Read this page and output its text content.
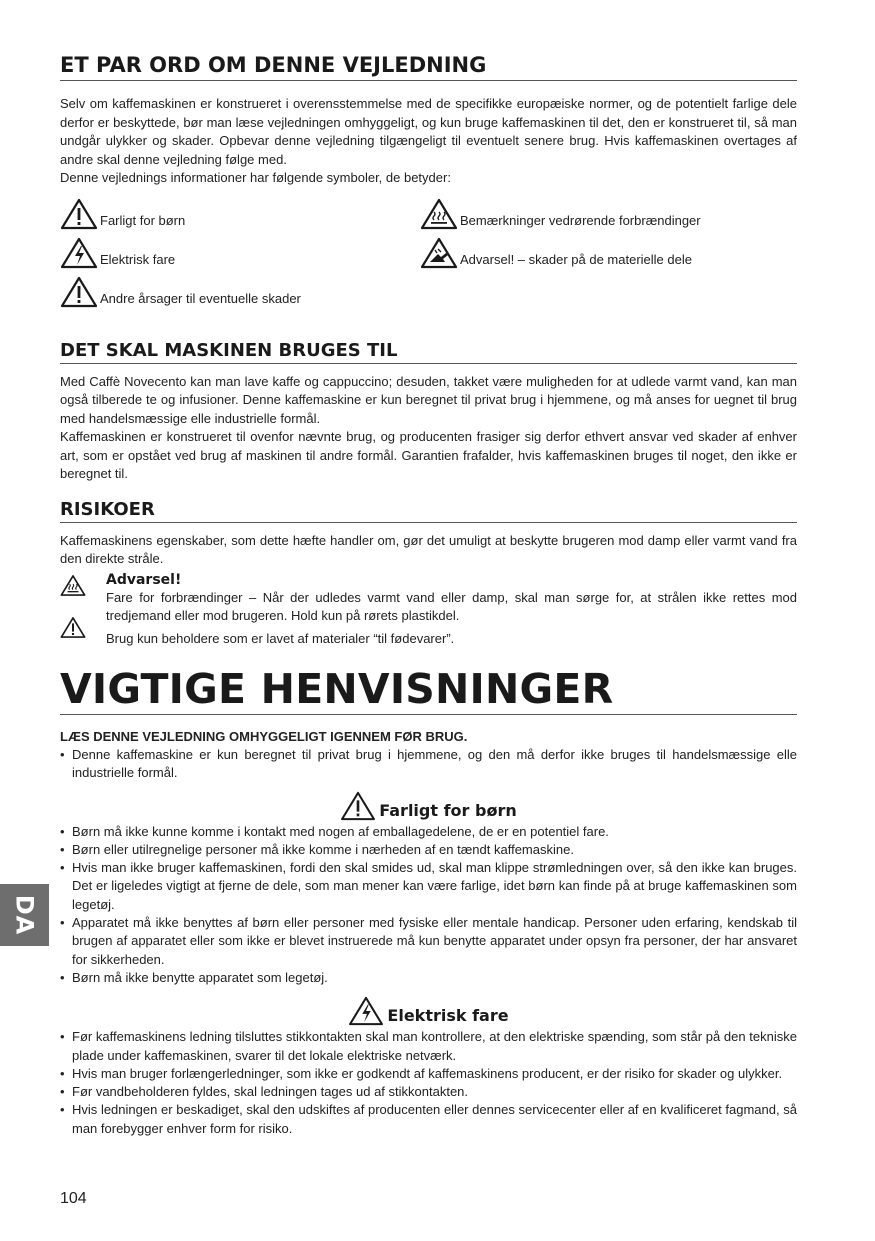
ET PAR ORD OM DENNE VEJLEDNING

Selv om kaffemaskinen er konstrueret i overensstemmelse med de specifikke europæiske normer, og de potentielt farlige dele derfor er beskyttede, bør man læse vejledningen omhyggeligt, og kun bruge kaffemaskinen til det, den er konstrueret til, så man undgår ulykker og skader. Opbevar denne vejledning tilgængeligt til eventuelt senere brug. Hvis kaffemaskinen overtages af andre skal denne vejledning følge med.

Denne vejlednings informationer har følgende symboler, de betyder:

Farligt for børn
Elektrisk fare
Andre årsager til eventuelle skader
Bemærkninger vedrørende forbrændinger
Advarsel! – skader på de materielle dele
DET SKAL MASKINEN BRUGES TIL

Med Caffè Novecento kan man lave kaffe og cappuccino; desuden, takket være muligheden for at udlede varmt vand, kan man også tilberede te og infusioner. Denne kaffemaskine er kun beregnet til privat brug i hjemmene, og må anses for uegnet til brug med handelsmæssige elle industrielle formål.

Kaffemaskinen er konstrueret til ovenfor nævnte brug, og producenten frasiger sig derfor ethvert ansvar ved skader af enhver art, som er opstået ved brug af maskinen til andre formål. Garantien frafalder, hvis kaffemaskinen bruges til noget, den ikke er beregnet til.

RISIKOER

Kaffemaskinens egenskaber, som dette hæfte handler om, gør det umuligt at beskytte brugeren mod damp eller varmt vand fra den direkte stråle.

Advarsel!

Fare for forbrændinger – Når der udledes varmt vand eller damp, skal man sørge for, at strålen ikke rettes mod tredjemand eller mod brugeren. Hold kun på rørets plastikdel.

Brug kun beholdere som er lavet af materialer “til fødevarer”.

VIGTIGE HENVISNINGER
LÆS DENNE VEJLEDNING OMHYGGELIGT IGENNEM FØR BRUG.
• Denne kaffemaskine er kun beregnet til privat brug i hjemmene, og den må derfor ikke bruges til handelsmæssige elle industrielle formål.
Farligt for børn
• Børn må ikke kunne komme i kontakt med nogen af emballagedelene, de er en potentiel fare.
• Børn eller utilregnelige personer må ikke komme i nærheden af en tændt kaffemaskine.
• Hvis man ikke bruger kaffemaskinen, fordi den skal smides ud, skal man klippe strømledningen over, så den ikke kan bruges. Det er ligeledes vigtigt at fjerne de dele, som man mener kan være farlige, idet børn kan finde på at bruge kaffemaskinen som legetøj.
• Apparatet må ikke benyttes af børn eller personer med fysiske eller mentale handicap. Personer uden erfaring, kendskab til brugen af apparatet eller som ikke er blevet instruerede må kun benytte apparatet under opsyn fra personer, der har ansvaret for sikkerheden.
• Børn må ikke benytte apparatet som legetøj.
Elektrisk fare
• Før kaffemaskinens ledning tilsluttes stikkontakten skal man kontrollere, at den elektriske spænding, som står på den tekniske plade under kaffemaskinen, svarer til det lokale elektriske netværk.
• Hvis man bruger forlængerledninger, som ikke er godkendt af kaffemaskinens producent, er der risiko for skader og ulykker.
• Før vandbeholderen fyldes, skal ledningen tages ud af stikkontakten.
• Hvis ledningen er beskadiget, skal den udskiftes af producenten eller dennes servicecenter eller af en kvalificeret fagmand, så man forebygger enhver form for risiko.
DA
104
